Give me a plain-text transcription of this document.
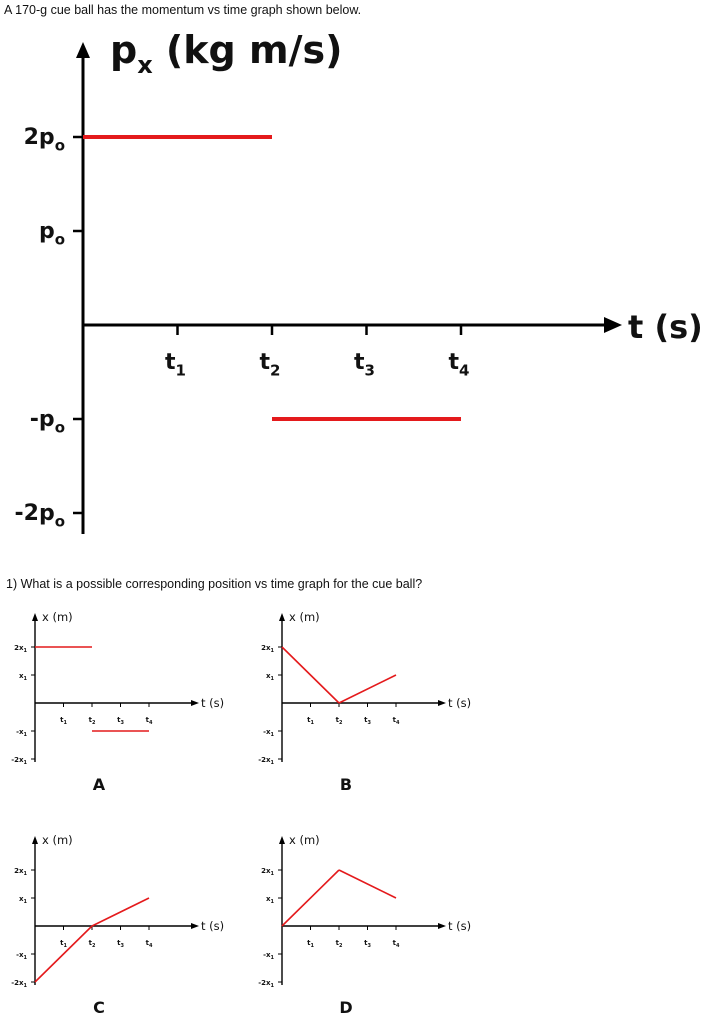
A 170-g cue ball has the momentum vs time graph shown below.
1) What is a possible corresponding position vs time graph for the cue ball?
$p_x$ (kg m/s)
t (s)
$2p_o$
$p_o$
$-p_o$
$-2p_o$
$t_1$	$t_2$	$t_3$	$t_4$
x (m)
t (s)
$2x_1$
$x_1$
$-x_1$
$-2x_1$
$t_1$	$t_2$	$t_3$	$t_4$
A
x (m)
t (s)
$2x_1$
$x_1$
$-x_1$
$-2x_1$
$t_1$	$t_2$	$t_3$	$t_4$
B
x (m)
t (s)
$2x_1$
$x_1$
$-x_1$
$-2x_1$
$t_1$	$t_2$	$t_3$	$t_4$
C
x (m)
t (s)
$2x_1$
$x_1$
$-x_1$
$-2x_1$
$t_1$	$t_2$	$t_3$	$t_4$
D
